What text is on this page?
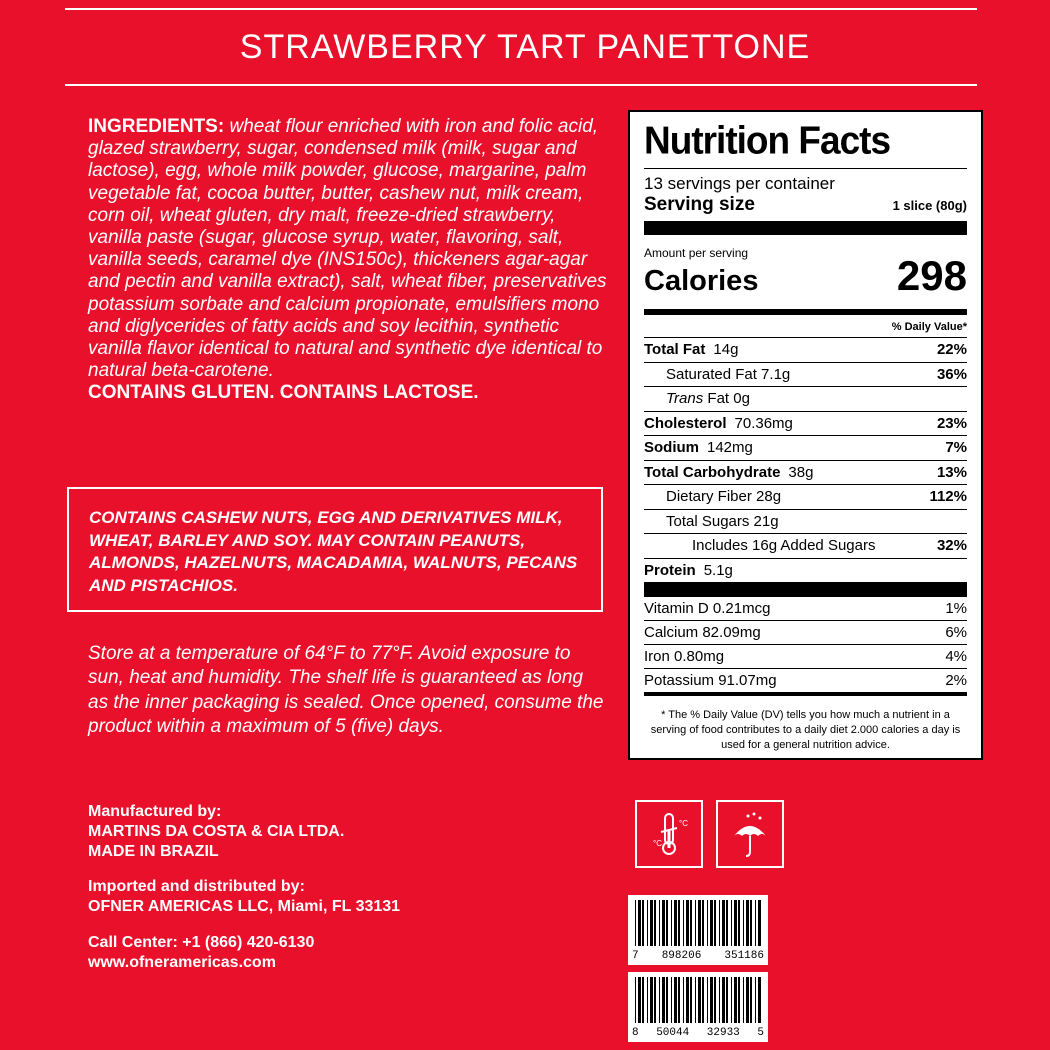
STRAWBERRY TART PANETTONE
INGREDIENTS: wheat flour enriched with iron and folic acid, glazed strawberry, sugar, condensed milk (milk, sugar and lactose), egg, whole milk powder, glucose, margarine, palm vegetable fat, cocoa butter, butter, cashew nut, milk cream, corn oil, wheat gluten, dry malt, freeze-dried strawberry, vanilla paste (sugar, glucose syrup, water, flavoring, salt, vanilla seeds, caramel dye (INS150c), thickeners agar-agar and pectin and vanilla extract), salt, wheat fiber, preservatives potassium sorbate and calcium propionate, emulsifiers mono and diglycerides of fatty acids and soy lecithin, synthetic vanilla flavor identical to natural and synthetic dye identical to natural beta-carotene.
CONTAINS GLUTEN. CONTAINS LACTOSE.
CONTAINS CASHEW NUTS, EGG AND DERIVATIVES MILK, WHEAT, BARLEY AND SOY. MAY CONTAIN PEANUTS, ALMONDS, HAZELNUTS, MACADAMIA, WALNUTS, PECANS AND PISTACHIOS.
Store at a temperature of 64°F to 77°F. Avoid exposure to sun, heat and humidity. The shelf life is guaranteed as long as the inner packaging is sealed. Once opened, consume the product within a maximum of 5 (five) days.
Manufactured by:
MARTINS DA COSTA & CIA LTDA.
MADE IN BRAZIL
Imported and distributed by:
OFNER AMERICAS LLC, Miami, FL 33131
Call Center: +1 (866) 420-6130
www.ofneramericas.com
Nutrition Facts
13 servings per container
Serving size	1 slice (80g)
Amount per serving
Calories	298
% Daily Value*
Total Fat 14g	22%
Saturated Fat 7.1g	36%
Trans Fat 0g
Cholesterol 70.36mg	23%
Sodium 142mg	7%
Total Carbohydrate 38g	13%
Dietary Fiber 28g	112%
Total Sugars 21g
Includes 16g Added Sugars	32%
Protein 5.1g
Vitamin D 0.21mcg	1%
Calcium 82.09mg	6%
Iron 0.80mg	4%
Potassium 91.07mg	2%
* The % Daily Value (DV) tells you how much a nutrient in a serving of food contributes to a daily diet 2.000 calories a day is used for a general nutrition advice.
°C
°C
7 898206 351186
8 50044 32933 5
